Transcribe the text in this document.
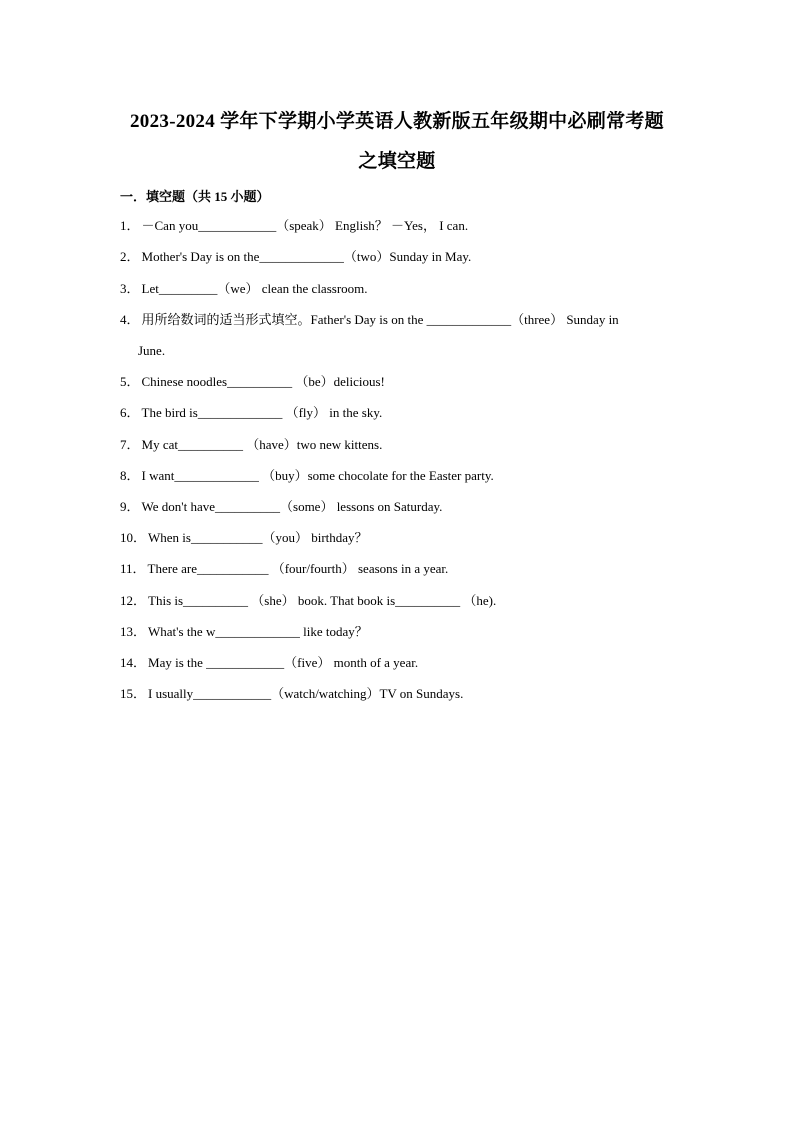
2023-2024 学年下学期小学英语人教新版五年级期中必刷常考题
之填空题
一．填空题（共 15 小题）
1． －Can you____________（speak） English？ －Yes， I can.
2． Mother's Day is on the_____________（two）Sunday in May.
3． Let_________（we） clean the classroom.
4． 用所给数词的适当形式填空。Father's Day is on the _____________（three） Sunday in
June.
5． Chinese noodles__________ （be）delicious!
6． The bird is_____________ （fly） in the sky.
7． My cat__________ （have）two new kittens.
8． I want_____________ （buy）some chocolate for the Easter party.
9． We don't have__________（some） lessons on Saturday.
10． When is___________（you） birthday？
11． There are___________ （four/fourth） seasons in a year.
12． This is__________ （she） book. That book is__________ （he).
13． What's the w_____________ like today？
14． May is the ____________（five） month of a year.
15． I usually____________（watch/watching）TV on Sundays.
